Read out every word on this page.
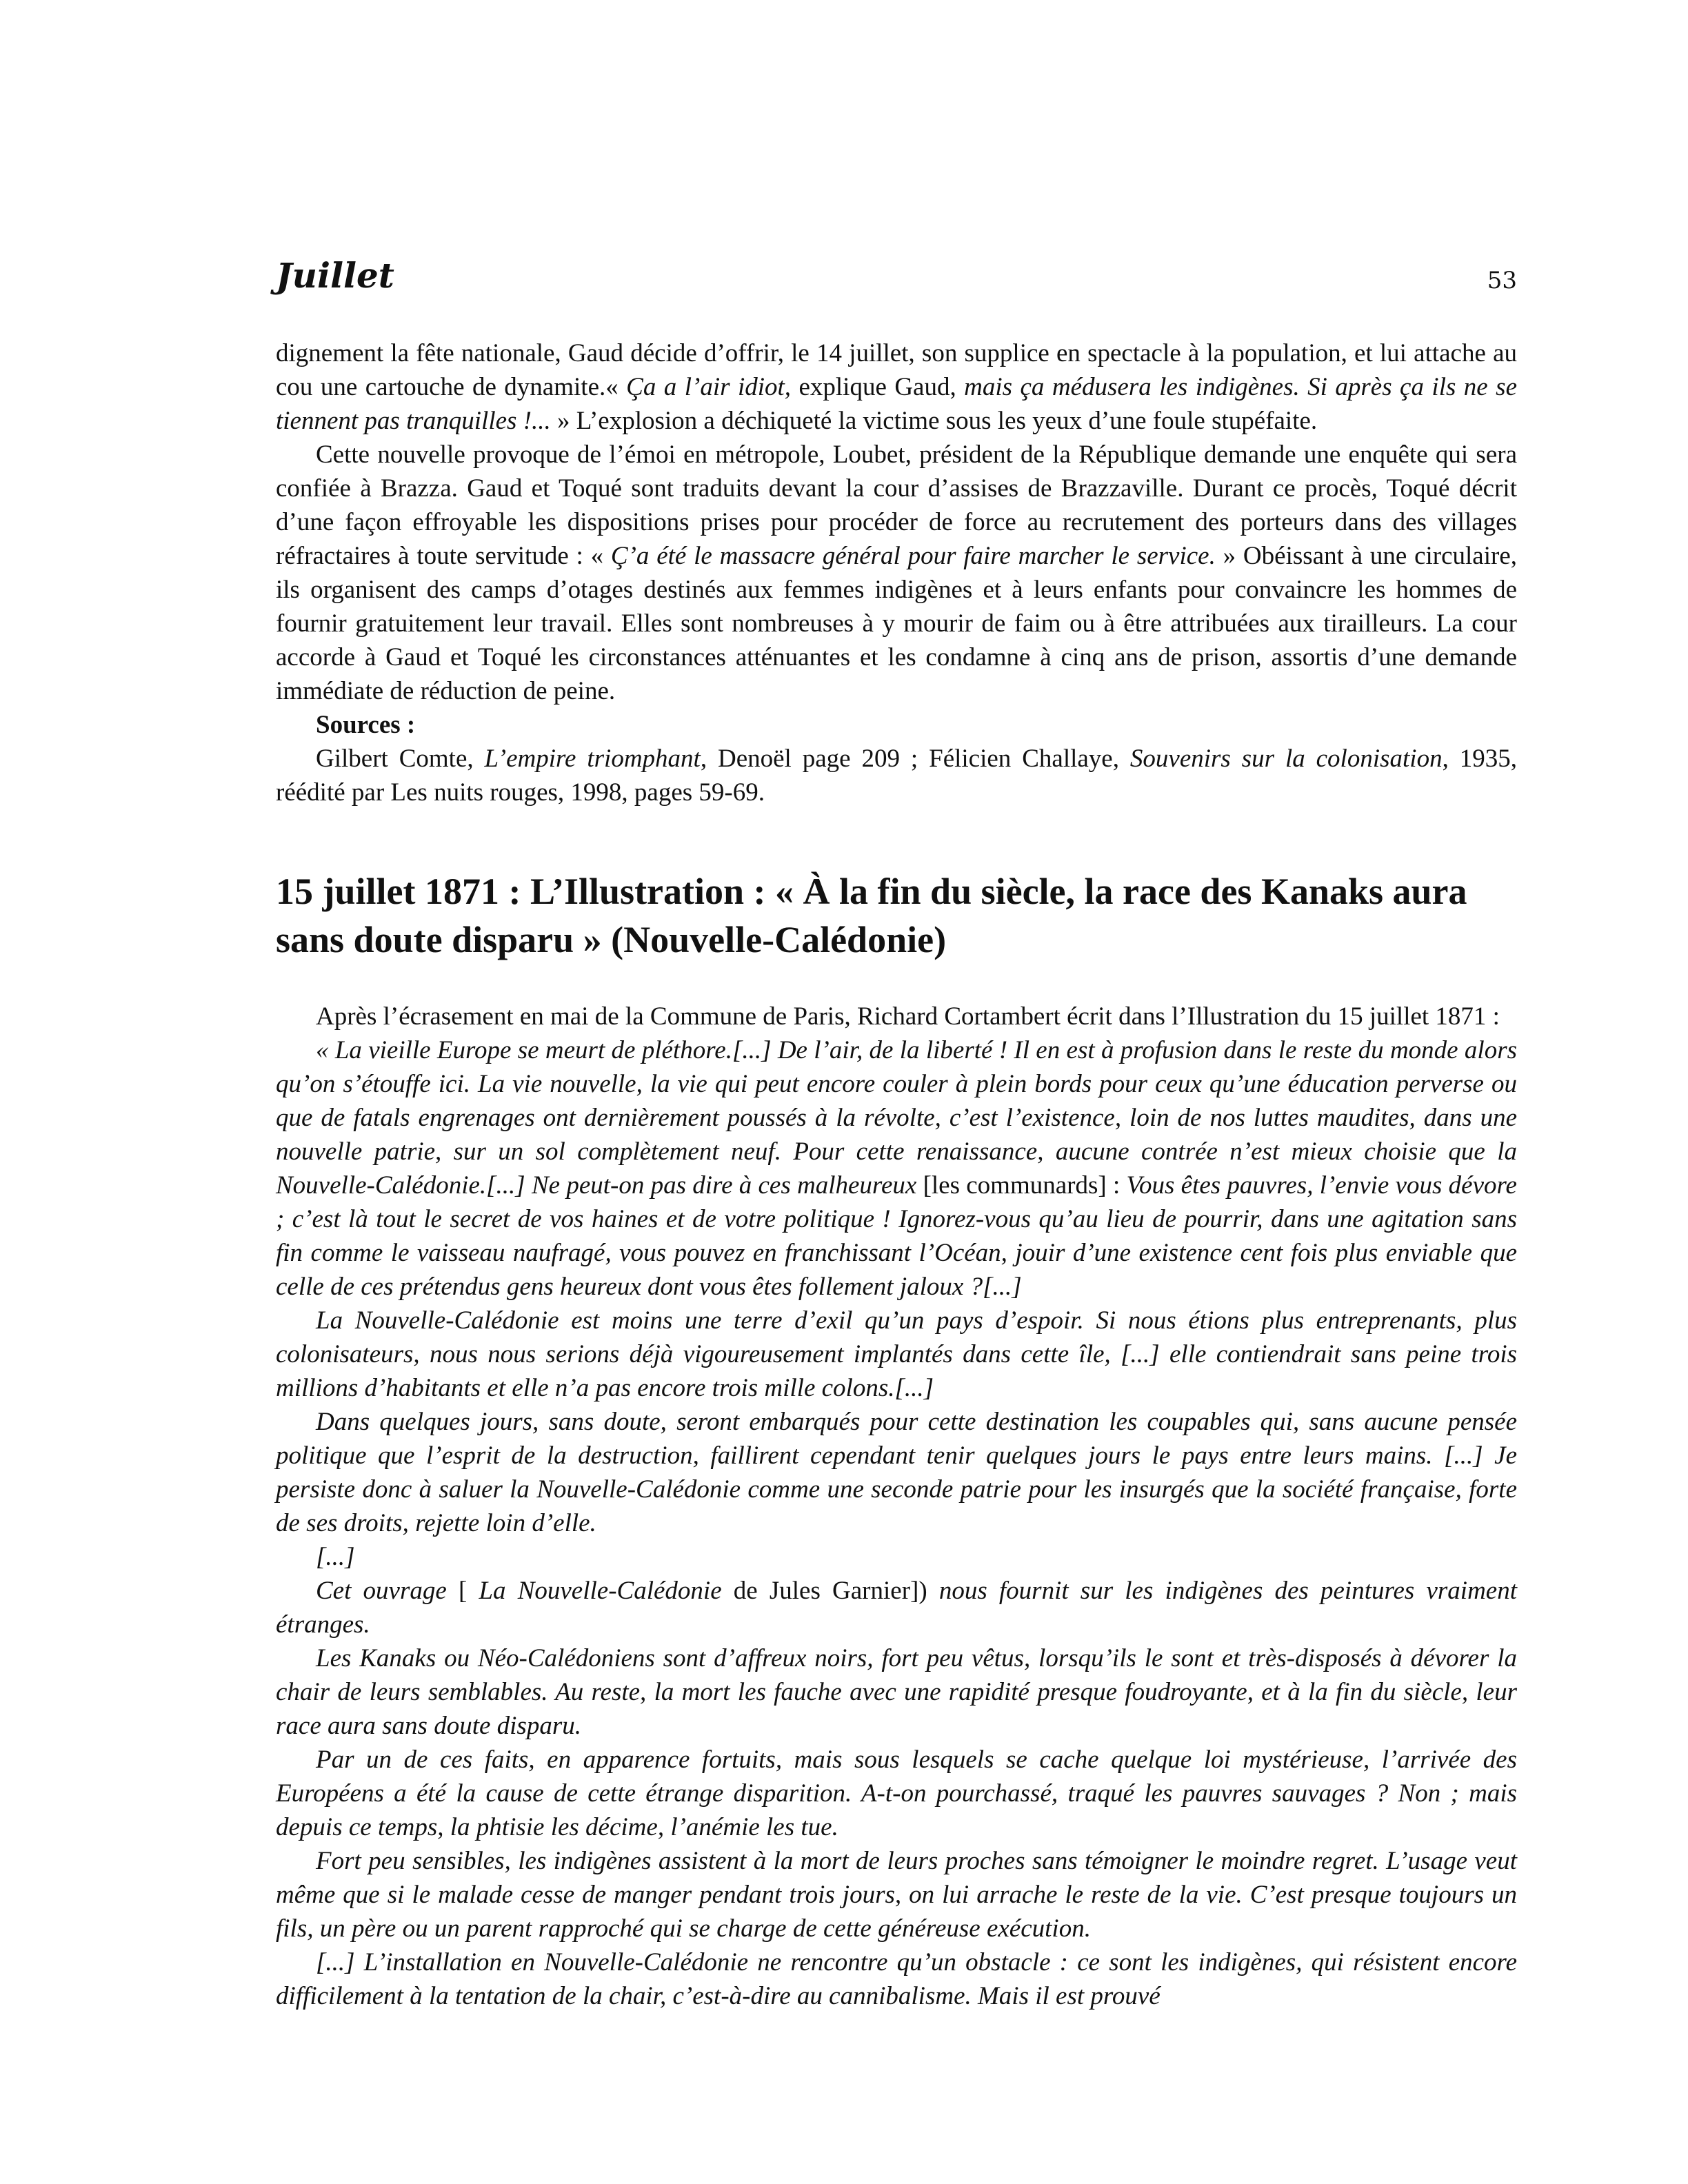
Juillet	53

dignement la fête nationale, Gaud décide d’offrir, le 14 juillet, son supplice en spectacle à la population, et lui attache au cou une cartouche de dynamite.« Ça a l’air idiot, explique Gaud, mais ça médusera les indigènes. Si après ça ils ne se tiennent pas tranquilles !... » L’explosion a déchiqueté la victime sous les yeux d’une foule stupéfaite.

Cette nouvelle provoque de l’émoi en métropole, Loubet, président de la République demande une enquête qui sera confiée à Brazza. Gaud et Toqué sont traduits devant la cour d’assises de Brazzaville. Durant ce procès, Toqué décrit d’une façon effroyable les dispositions prises pour procéder de force au recrutement des porteurs dans des villages réfractaires à toute servitude : « Ç’a été le massacre général pour faire marcher le service. » Obéissant à une circulaire, ils organisent des camps d’otages destinés aux femmes indigènes et à leurs enfants pour convaincre les hommes de fournir gratuitement leur travail. Elles sont nombreuses à y mourir de faim ou à être attribuées aux tirailleurs. La cour accorde à Gaud et Toqué les circonstances atténuantes et les condamne à cinq ans de prison, assortis d’une demande immédiate de réduction de peine.

Sources :

Gilbert Comte, L’empire triomphant, Denoël page 209 ; Félicien Challaye, Souvenirs sur la colonisation, 1935, réédité par Les nuits rouges, 1998, pages 59-69.

15 juillet 1871 : L’Illustration : « À la fin du siècle, la race des Kanaks aura sans doute disparu » (Nouvelle-Calédonie)

Après l’écrasement en mai de la Commune de Paris, Richard Cortambert écrit dans l’Illustration du 15 juillet 1871 :

« La vieille Europe se meurt de pléthore.[...] De l’air, de la liberté ! Il en est à profusion dans le reste du monde alors qu’on s’étouffe ici. La vie nouvelle, la vie qui peut encore couler à plein bords pour ceux qu’une éducation perverse ou que de fatals engrenages ont dernièrement poussés à la révolte, c’est l’existence, loin de nos luttes maudites, dans une nouvelle patrie, sur un sol complètement neuf. Pour cette renaissance, aucune contrée n’est mieux choisie que la Nouvelle-Calédonie.[...] Ne peut-on pas dire à ces malheureux [les communards] : Vous êtes pauvres, l’envie vous dévore ; c’est là tout le secret de vos haines et de votre politique ! Ignorez-vous qu’au lieu de pourrir, dans une agitation sans fin comme le vaisseau naufragé, vous pouvez en franchissant l’Océan, jouir d’une existence cent fois plus enviable que celle de ces prétendus gens heureux dont vous êtes follement jaloux ?[...]

La Nouvelle-Calédonie est moins une terre d’exil qu’un pays d’espoir. Si nous étions plus entreprenants, plus colonisateurs, nous nous serions déjà vigoureusement implantés dans cette île, [...] elle contiendrait sans peine trois millions d’habitants et elle n’a pas encore trois mille colons.[...]

Dans quelques jours, sans doute, seront embarqués pour cette destination les coupables qui, sans aucune pensée politique que l’esprit de la destruction, faillirent cependant tenir quelques jours le pays entre leurs mains. [...] Je persiste donc à saluer la Nouvelle-Calédonie comme une seconde patrie pour les insurgés que la société française, forte de ses droits, rejette loin d’elle.

[...]

Cet ouvrage [ La Nouvelle-Calédonie de Jules Garnier]) nous fournit sur les indigènes des peintures vraiment étranges.

Les Kanaks ou Néo-Calédoniens sont d’affreux noirs, fort peu vêtus, lorsqu’ils le sont et très-disposés à dévorer la chair de leurs semblables. Au reste, la mort les fauche avec une rapidité presque foudroyante, et à la fin du siècle, leur race aura sans doute disparu.

Par un de ces faits, en apparence fortuits, mais sous lesquels se cache quelque loi mystérieuse, l’arrivée des Européens a été la cause de cette étrange disparition. A-t-on pourchassé, traqué les pauvres sauvages ? Non ; mais depuis ce temps, la phtisie les décime, l’anémie les tue.

Fort peu sensibles, les indigènes assistent à la mort de leurs proches sans témoigner le moindre regret. L’usage veut même que si le malade cesse de manger pendant trois jours, on lui arrache le reste de la vie. C’est presque toujours un fils, un père ou un parent rapproché qui se charge de cette généreuse exécution.

[...] L’installation en Nouvelle-Calédonie ne rencontre qu’un obstacle : ce sont les indigènes, qui résistent encore difficilement à la tentation de la chair, c’est-à-dire au cannibalisme. Mais il est prouvé
